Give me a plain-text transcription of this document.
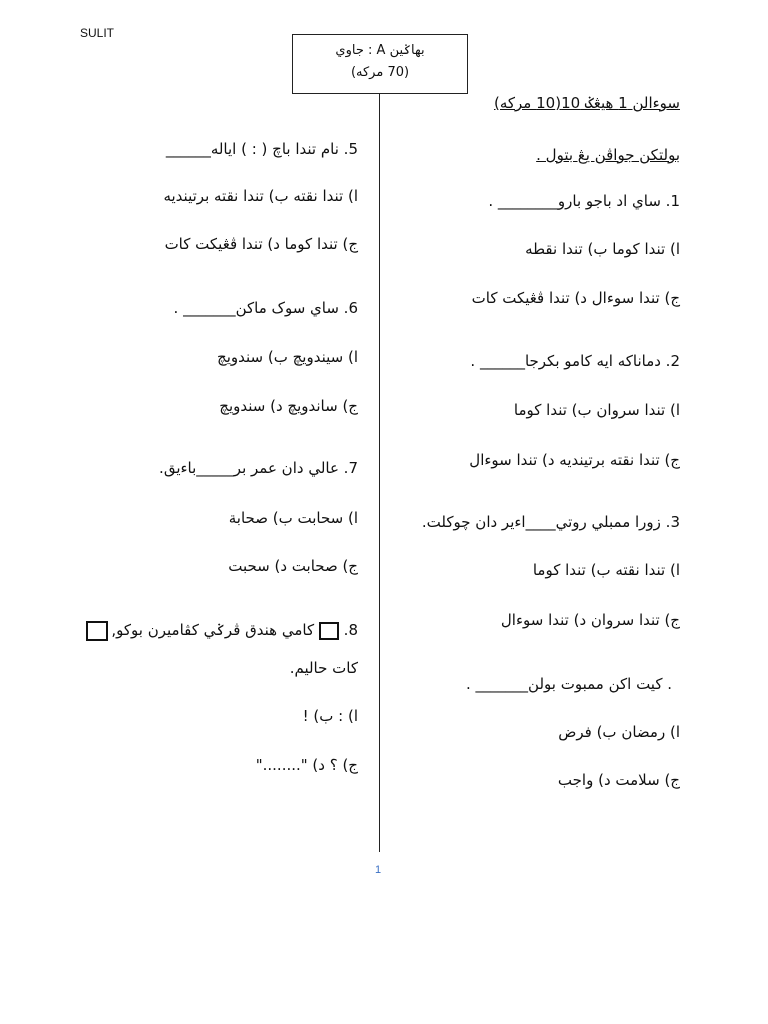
SULIT
بهاݢين A : جاوي
(70 مركه)
سوءالن 1 هيڠݢ 10(10 مركه)
بولتكن جواڤن يڠ بتول .
1. ساي اد باجو بارو________ .
ا) تندا كوما ب) تندا نقطه
ج) تندا سوءال د) تندا ڤڠيكت كات
2. دماناكه ايه كامو بكرجا______ .
ا) تندا سروان ب) تندا كوما
ج) تندا نقته برتينديه د) تندا سوءال
3. زورا ممبلي روتي____اءير دان چوكلت.
ا) تندا نقته ب) تندا كوما
ج) تندا سروان د) تندا سوءال
. كيت اكن ممبوت بولن_______ .
ا) رمضان ب) فرض
ج) سلامت د) واجب
5. نام تندا باچ ( : ) اياله______
ا) تندا نقته ب) تندا نقته برتينديه
ج) تندا كوما د) تندا ڤڠيكت كات
6. ساي سوک ماكن_______ .
ا) سيندويچ ب) سندويچ
ج) ساندويچ د) سندويچ
7. عالي دان عمر بر_____باءيق.
ا) سحابت ب) صحابة
ج) صحابت د) سحبت
8.  كامي هندق ڤرݢي كڤاميرن بوكو,
كات حاليم.
ا) : ب) !
ج) ؟ د) "........"
1
